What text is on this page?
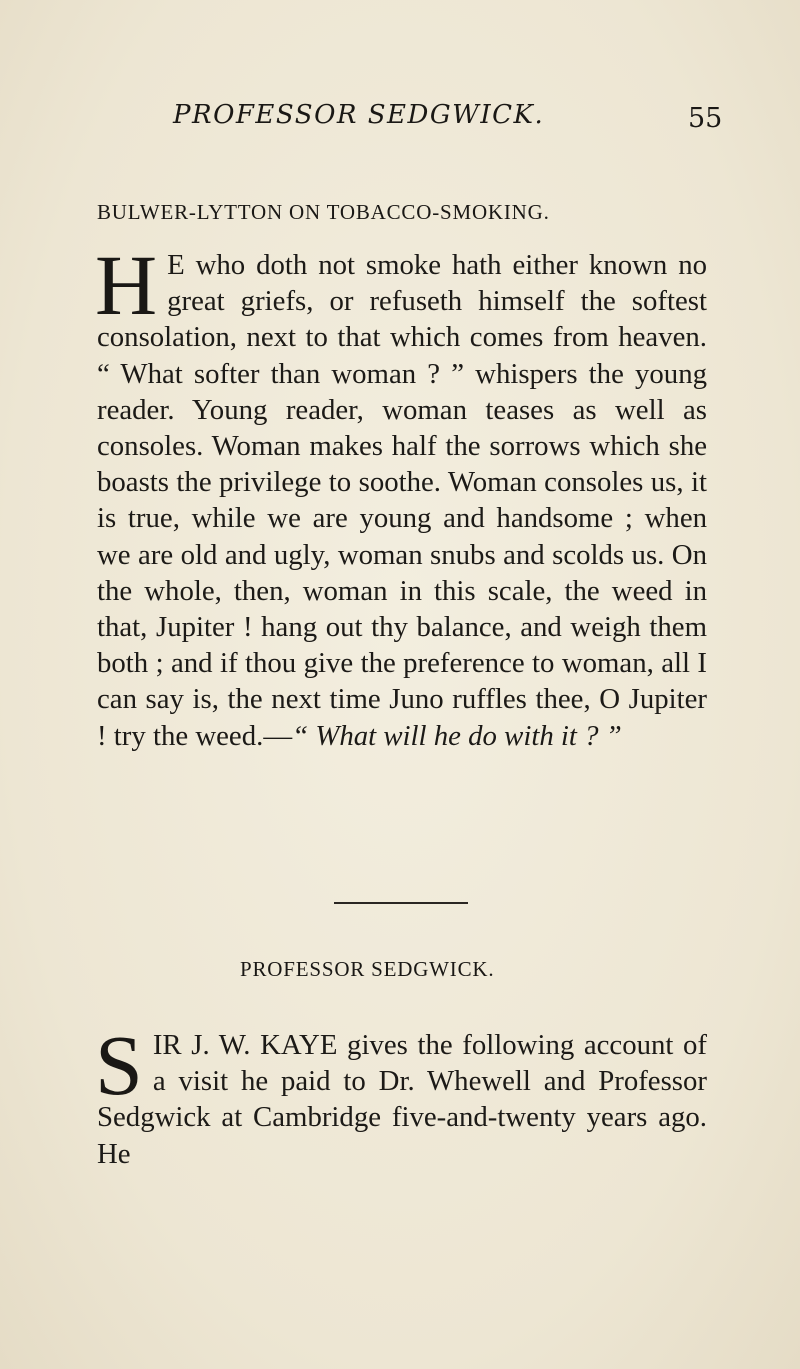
PROFESSOR SEDGWICK.	55
BULWER-LYTTON ON TOBACCO-SMOKING.

H E who doth not smoke hath either known no great griefs, or refuseth himself the softest consolation, next to that which comes from heaven. “ What softer than woman ? ” whispers the young reader. Young reader, woman teases as well as consoles. Woman makes half the sorrows which she boasts the privilege to soothe. Woman consoles us, it is true, while we are young and handsome ; when we are old and ugly, woman snubs and scolds us. On the whole, then, woman in this scale, the weed in that, Jupiter ! hang out thy balance, and weigh them both ; and if thou give the preference to woman, all I can say is, the next time Juno ruffles thee, O Jupiter ! try the weed.—“ What will he do with it ? ”

PROFESSOR SEDGWICK.

SIR J. W. KAYE gives the following account of a visit he paid to Dr. Whewell and Professor Sedgwick at Cambridge five-and-twenty years ago. He
